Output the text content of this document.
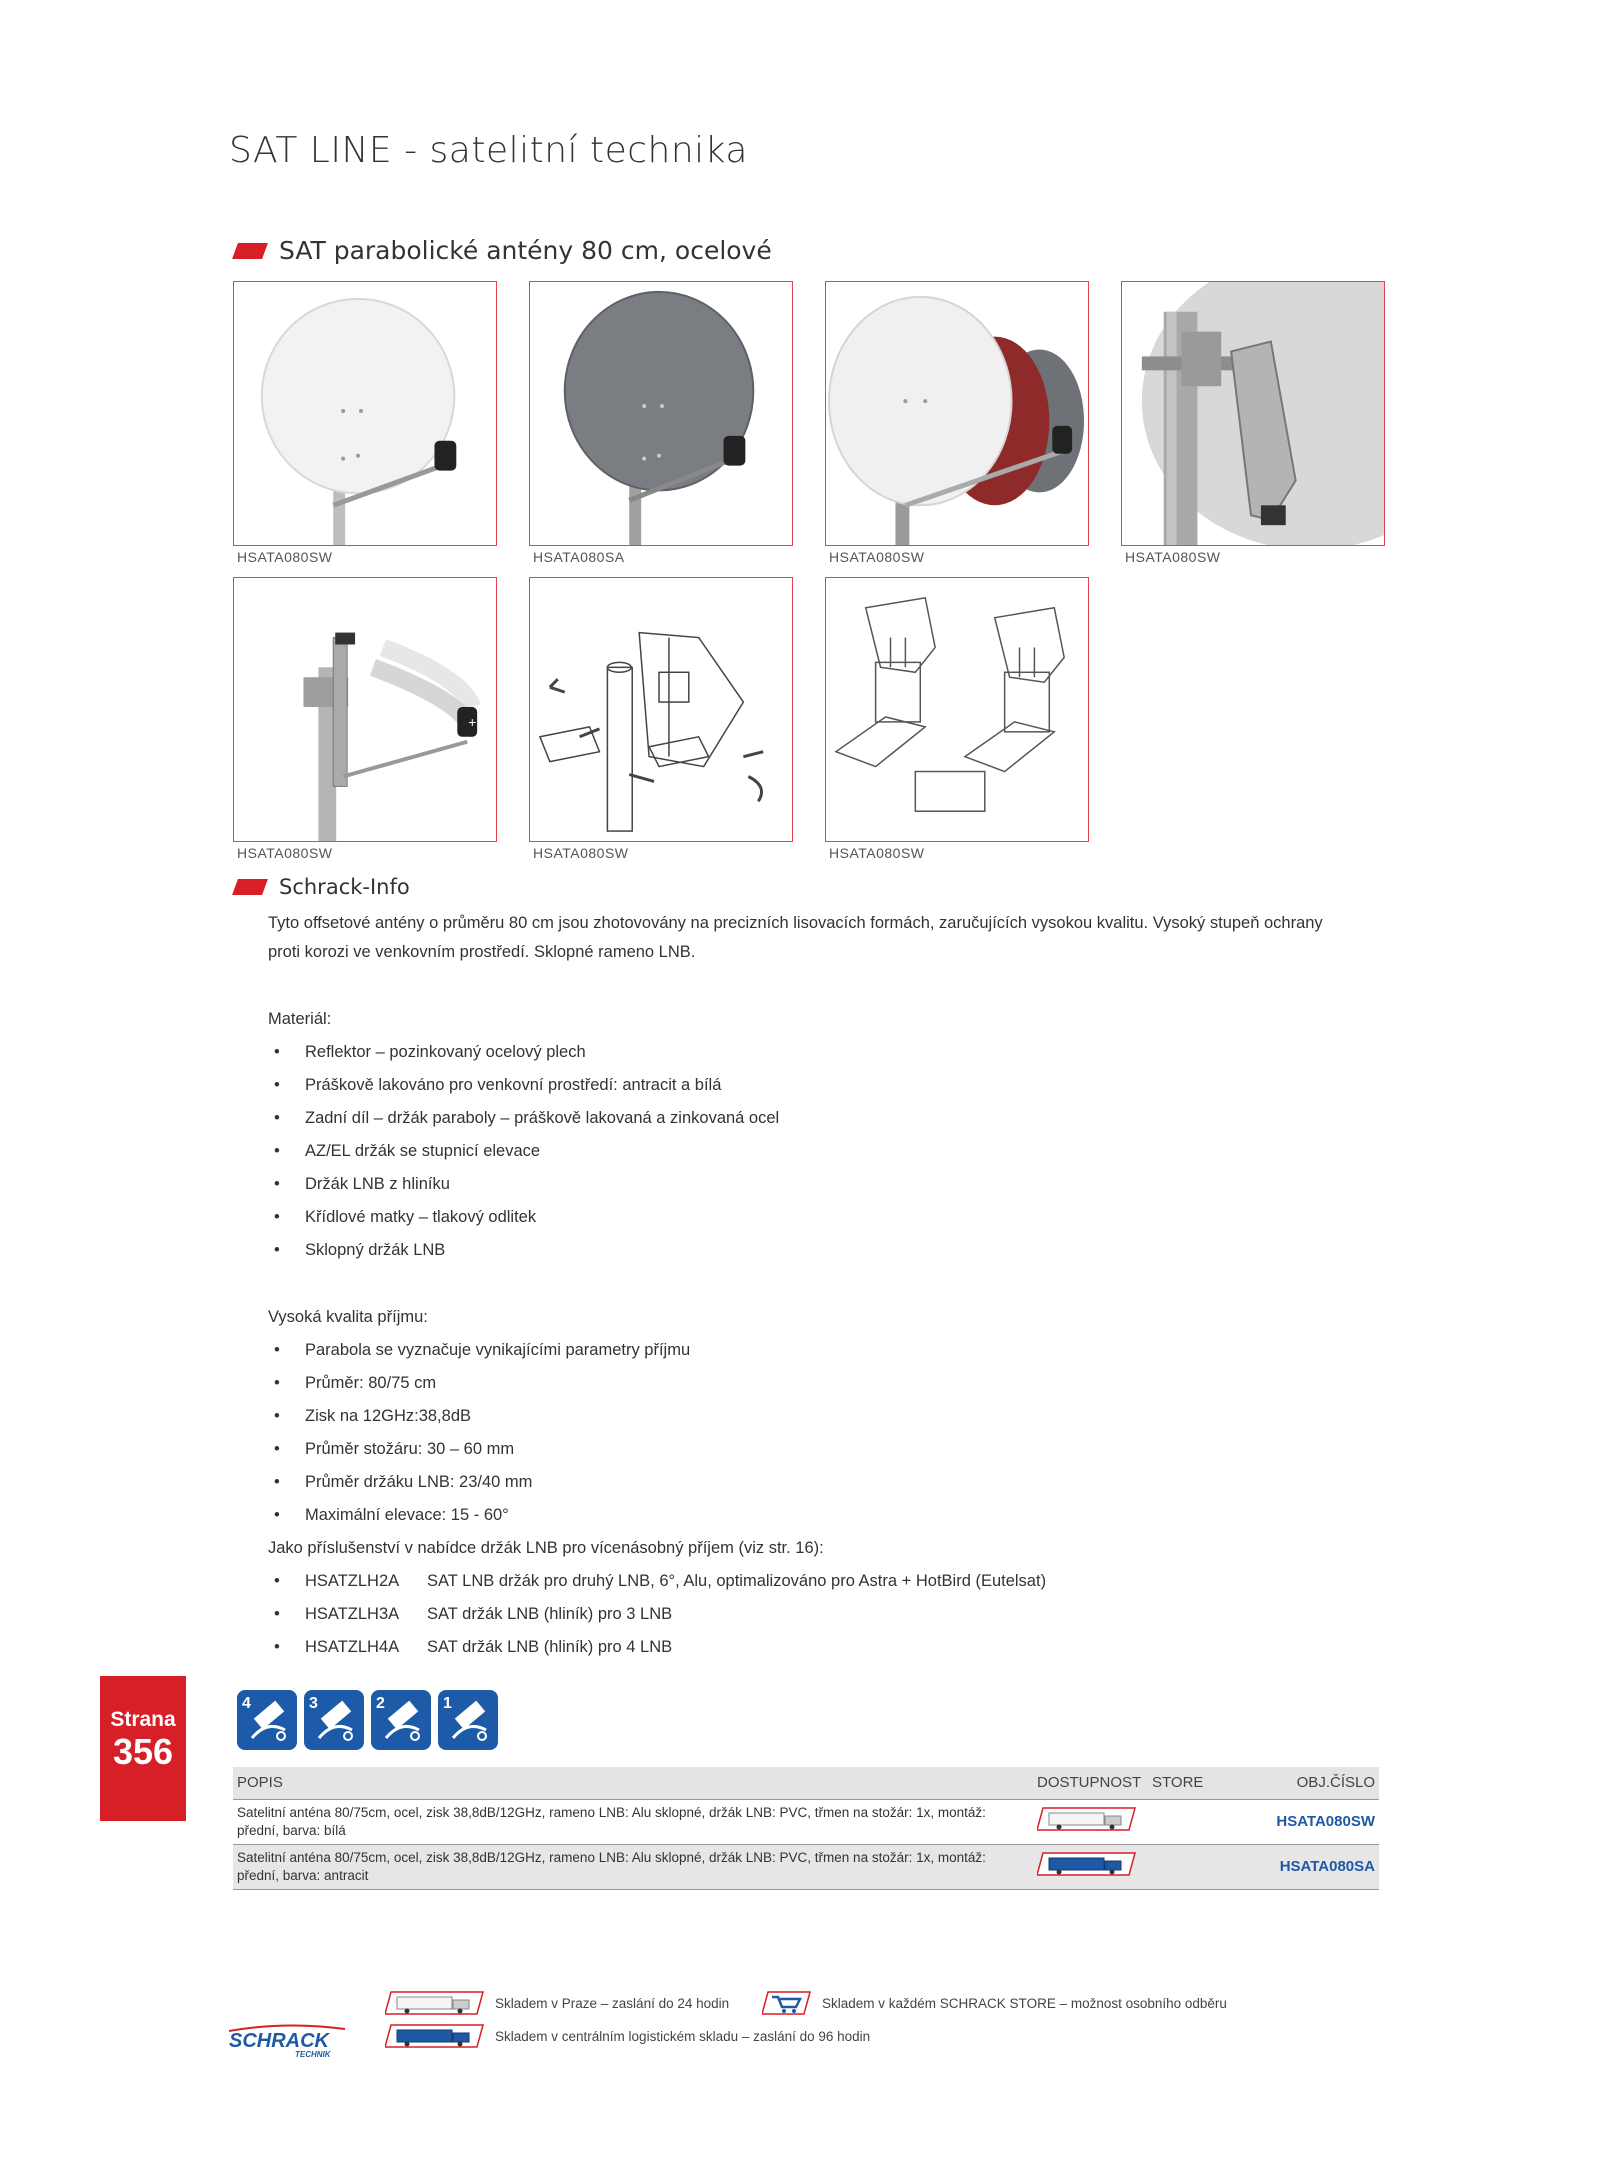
SAT LINE - satelitní technika
SAT parabolické antény 80 cm, ocelové
HSATA080SW	HSATA080SA	HSATA080SW	HSATA080SW
+
HSATA080SW	HSATA080SW	HSATA080SW
Schrack-Info
Tyto offsetové antény o průměru 80 cm jsou zhotovovány na precizních lisovacích formách, zaručujících vysokou kvalitu. Vysoký stupeň ochrany proti korozi ve venkovním prostředí. Sklopné rameno LNB.
Materiál:
• Reflektor – pozinkovaný ocelový plech
• Práškově lakováno pro venkovní prostředí: antracit a bílá
• Zadní díl – držák paraboly – práškově lakovaná a zinkovaná ocel
• AZ/EL držák se stupnicí elevace
• Držák LNB z hliníku
• Křídlové matky – tlakový odlitek
• Sklopný držák LNB
Vysoká kvalita příjmu:
• Parabola se vyznačuje vynikajícími parametry příjmu
• Průměr: 80/75 cm
• Zisk na 12GHz:38,8dB
• Průměr stožáru: 30 – 60 mm
• Průměr držáku LNB: 23/40 mm
• Maximální elevace: 15 - 60°
Jako příslušenství v nabídce držák LNB pro vícenásobný příjem (viz str. 16):
• HSATZLH2A SAT LNB držák pro druhý LNB, 6°, Alu, optimalizováno pro Astra + HotBird (Eutelsat)
• HSATZLH3A SAT držák LNB (hliník) pro 3 LNB
• HSATZLH4A SAT držák LNB (hliník) pro 4 LNB
Strana
356
4	3	2	1
POPIS	DOSTUPNOST	STORE	OBJ.ČÍSLO
Satelitní anténa 80/75cm, ocel, zisk 38,8dB/12GHz, rameno LNB: Alu sklopné, držák LNB: PVC, třmen na stožár: 1x, montáž: přední, barva: bílá			HSATA080SW
Satelitní anténa 80/75cm, ocel, zisk 38,8dB/12GHz, rameno LNB: Alu sklopné, držák LNB: PVC, třmen na stožár: 1x, montáž: přední, barva: antracit			HSATA080SA
Skladem v Praze – zaslání do 24 hodin	Skladem v každém SCHRACK STORE – možnost osobního odběru
Skladem v centrálním logistickém skladu – zaslání do 96 hodin
SCHRACK
TECHNIK
